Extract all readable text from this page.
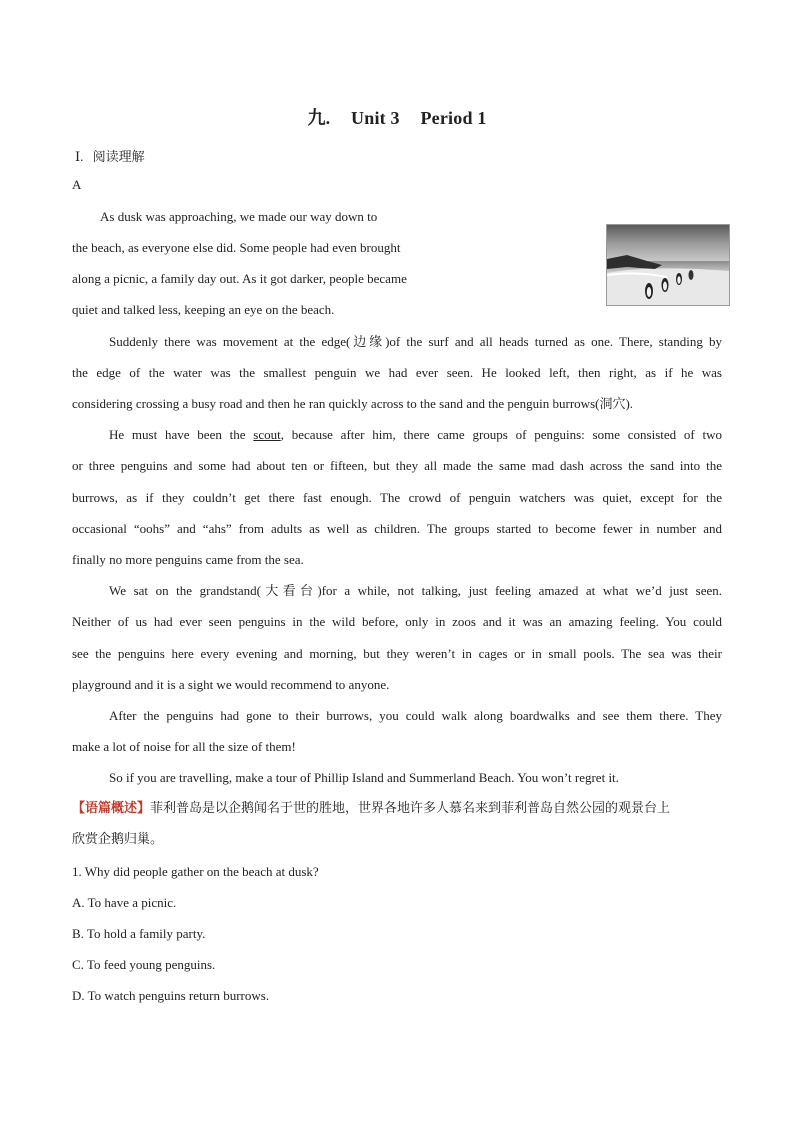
九. Unit 3 Period 1
Ⅰ. 阅读理解
A
As dusk was approaching, we made our way down to
the beach, as everyone else did. Some people had even brought
along a picnic, a family day out. As it got darker, people became
quiet and talked less, keeping an eye on the beach.
Suddenly there was movement at the edge(边缘)of the surf and all heads turned as one. There, standing by
the edge of the water was the smallest penguin we had ever seen. He looked left, then right, as if he was
considering crossing a busy road and then he ran quickly across to the sand and the penguin burrows(洞穴).
He must have been the scout, because after him, there came groups of penguins: some consisted of two
or three penguins and some had about ten or fifteen, but they all made the same mad dash across the sand into the
burrows, as if they couldn’t get there fast enough. The crowd of penguin watchers was quiet, except for the
occasional “oohs” and “ahs” from adults as well as children. The groups started to become fewer in number and
finally no more penguins came from the sea.
We sat on the grandstand(大看台)for a while, not talking, just feeling amazed at what we’d just seen.
Neither of us had ever seen penguins in the wild before, only in zoos and it was an amazing feeling. You could
see the penguins here every evening and morning, but they weren’t in cages or in small pools. The sea was their
playground and it is a sight we would recommend to anyone.
After the penguins had gone to their burrows, you could walk along boardwalks and see them there. They
make a lot of noise for all the size of them!
So if you are travelling, make a tour of Phillip Island and Summerland Beach. You won’t regret it.
【语篇概述】菲利普岛是以企鹅闻名于世的胜地，世界各地许多人慕名来到菲利普岛自然公园的观景台上
欣赏企鹅归巢。
1. Why did people gather on the beach at dusk?
A. To have a picnic.
B. To hold a family party.
C. To feed young penguins.
D. To watch penguins return burrows.
